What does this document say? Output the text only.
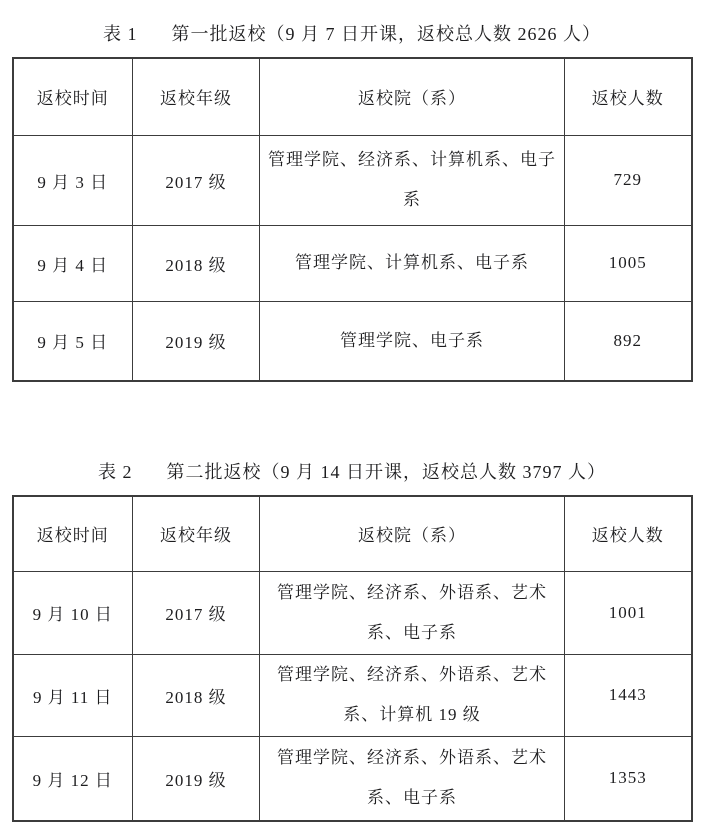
表 1 第一批返校（9 月 7 日开课，返校总人数 2626 人）
返校时间	返校年级	返校院（系）	返校人数
9 月 3 日	2017 级	管理学院、经济系、计算机系、电子系	729
9 月 4 日	2018 级	管理学院、计算机系、电子系	1005
9 月 5 日	2019 级	管理学院、电子系	892
表 2 第二批返校（9 月 14 日开课，返校总人数 3797 人）
返校时间	返校年级	返校院（系）	返校人数
9 月 10 日	2017 级	管理学院、经济系、外语系、艺术系、电子系	1001
9 月 11 日	2018 级	管理学院、经济系、外语系、艺术系、计算机 19 级	1443
9 月 12 日	2019 级	管理学院、经济系、外语系、艺术系、电子系	1353
